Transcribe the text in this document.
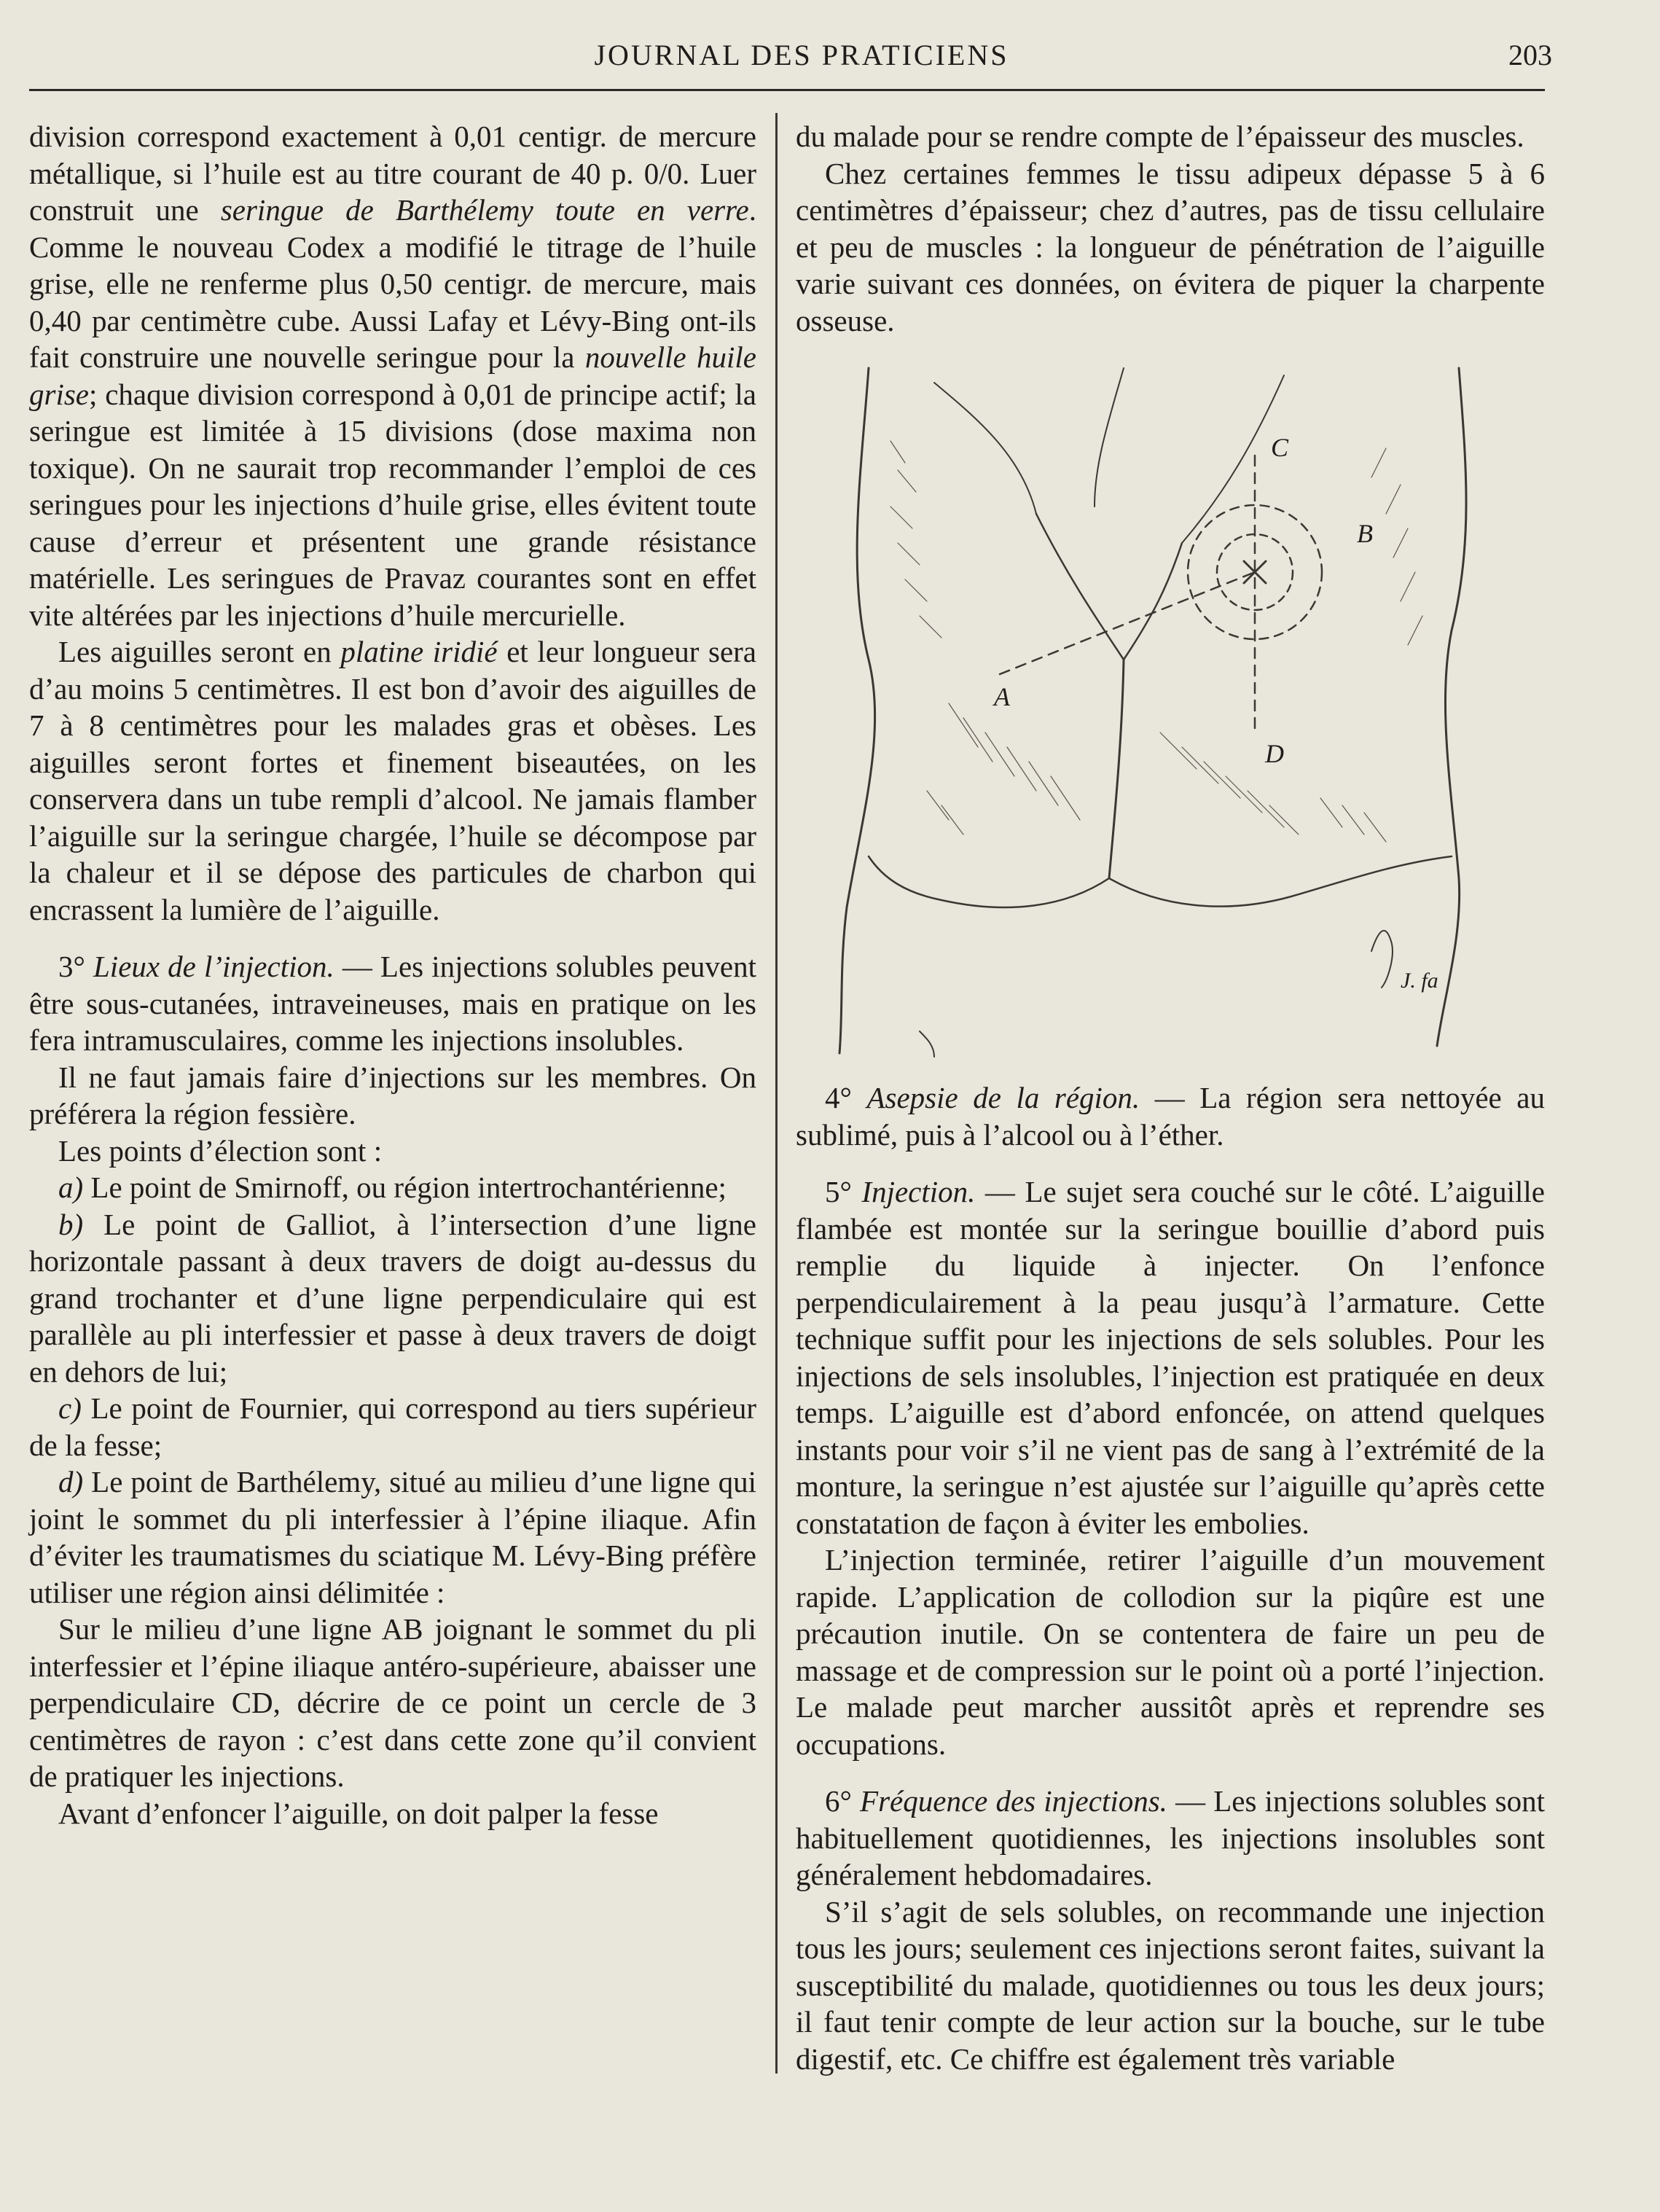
JOURNAL DES PRATICIENS	203

division correspond exactement à 0,01 centigr. de mercure métallique, si l’huile est au titre courant de 40 p. 0/0. Luer construit une seringue de Barthélemy toute en verre. Comme le nouveau Codex a modifié le titrage de l’huile grise, elle ne renferme plus 0,50 centigr. de mercure, mais 0,40 par centimètre cube. Aussi Lafay et Lévy-Bing ont-ils fait construire une nouvelle seringue pour la nouvelle huile grise; chaque division correspond à 0,01 de principe actif; la seringue est limitée à 15 divisions (dose maxima non toxique). On ne saurait trop recommander l’emploi de ces seringues pour les injections d’huile grise, elles évitent toute cause d’erreur et présentent une grande résistance matérielle. Les seringues de Pravaz courantes sont en effet vite altérées par les injections d’huile mercurielle.

Les aiguilles seront en platine iridié et leur longueur sera d’au moins 5 centimètres. Il est bon d’avoir des aiguilles de 7 à 8 centimètres pour les malades gras et obèses. Les aiguilles seront fortes et finement biseautées, on les conservera dans un tube rempli d’alcool. Ne jamais flamber l’aiguille sur la seringue chargée, l’huile se décompose par la chaleur et il se dépose des particules de charbon qui encrassent la lumière de l’aiguille.

3° Lieux de l’injection. — Les injections solubles peuvent être sous-cutanées, intraveineuses, mais en pratique on les fera intramusculaires, comme les injections insolubles.

Il ne faut jamais faire d’injections sur les membres. On préférera la région fessière.

Les points d’élection sont :

a) Le point de Smirnoff, ou région intertrochantérienne;

b) Le point de Galliot, à l’intersection d’une ligne horizontale passant à deux travers de doigt au-dessus du grand trochanter et d’une ligne perpendiculaire qui est parallèle au pli interfessier et passe à deux travers de doigt en dehors de lui;

c) Le point de Fournier, qui correspond au tiers supérieur de la fesse;

d) Le point de Barthélemy, situé au milieu d’une ligne qui joint le sommet du pli interfessier à l’épine iliaque. Afin d’éviter les traumatismes du sciatique M. Lévy-Bing préfère utiliser une région ainsi délimitée :

Sur le milieu d’une ligne AB joignant le sommet du pli interfessier et l’épine iliaque antéro-supérieure, abaisser une perpendiculaire CD, décrire de ce point un cercle de 3 centimètres de rayon : c’est dans cette zone qu’il convient de pratiquer les injections.

Avant d’enfoncer l’aiguille, on doit palper la fesse

du malade pour se rendre compte de l’épaisseur des muscles.

Chez certaines femmes le tissu adipeux dépasse 5 à 6 centimètres d’épaisseur; chez d’autres, pas de tissu cellulaire et peu de muscles : la longueur de pénétration de l’aiguille varie suivant ces données, on évitera de piquer la charpente osseuse.

A
B
C
D
J. fa

4° Asepsie de la région. — La région sera nettoyée au sublimé, puis à l’alcool ou à l’éther.

5° Injection. — Le sujet sera couché sur le côté. L’aiguille flambée est montée sur la seringue bouillie d’abord puis remplie du liquide à injecter. On l’enfonce perpendiculairement à la peau jusqu’à l’armature. Cette technique suffit pour les injections de sels solubles. Pour les injections de sels insolubles, l’injection est pratiquée en deux temps. L’aiguille est d’abord enfoncée, on attend quelques instants pour voir s’il ne vient pas de sang à l’extrémité de la monture, la seringue n’est ajustée sur l’aiguille qu’après cette constatation de façon à éviter les embolies.

L’injection terminée, retirer l’aiguille d’un mouvement rapide. L’application de collodion sur la piqûre est une précaution inutile. On se contentera de faire un peu de massage et de compression sur le point où a porté l’injection. Le malade peut marcher aussitôt après et reprendre ses occupations.

6° Fréquence des injections. — Les injections solubles sont habituellement quotidiennes, les injections insolubles sont généralement hebdomadaires.

S’il s’agit de sels solubles, on recommande une injection tous les jours; seulement ces injections seront faites, suivant la susceptibilité du malade, quotidiennes ou tous les deux jours; il faut tenir compte de leur action sur la bouche, sur le tube digestif, etc. Ce chiffre est également très variable
